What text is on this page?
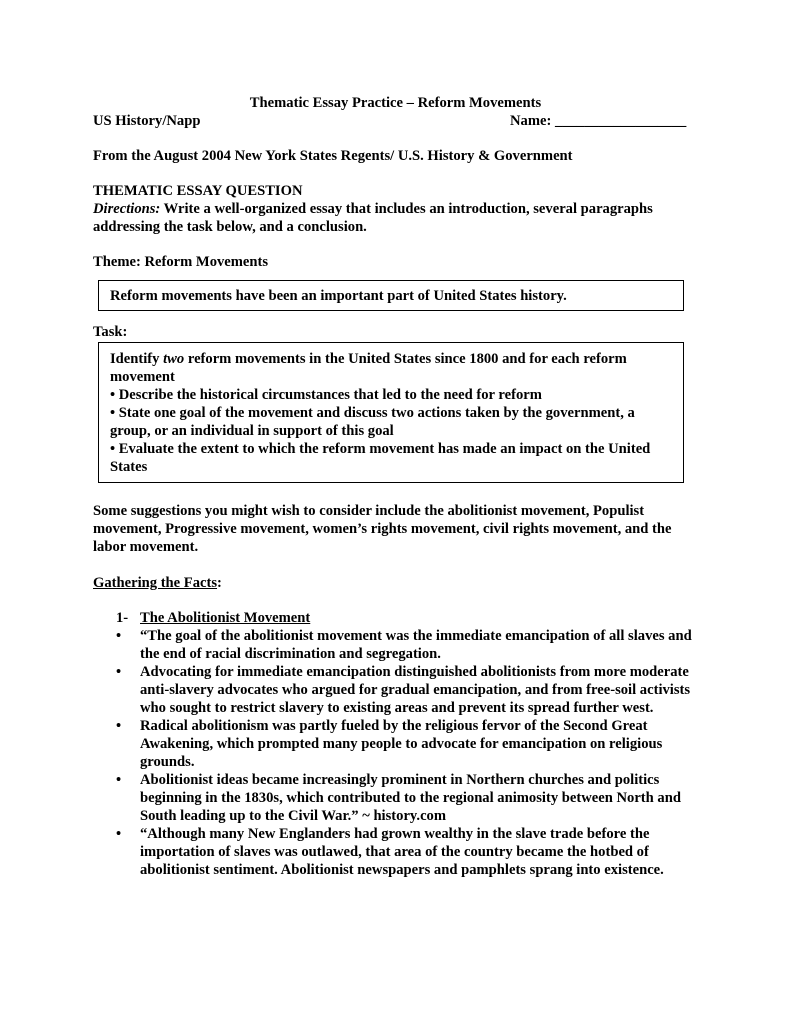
Thematic Essay Practice – Reform Movements
US History/Napp	Name: __________________
From the August 2004 New York States Regents/ U.S. History & Government
THEMATIC ESSAY QUESTION
Directions: Write a well-organized essay that includes an introduction, several paragraphs addressing the task below, and a conclusion.
Theme: Reform Movements
Reform movements have been an important part of United States history.
Task:
Identify two reform movements in the United States since 1800 and for each reform movement
• Describe the historical circumstances that led to the need for reform
• State one goal of the movement and discuss two actions taken by the government, a group, or an individual in support of this goal
• Evaluate the extent to which the reform movement has made an impact on the United States
Some suggestions you might wish to consider include the abolitionist movement, Populist movement, Progressive movement, women’s rights movement, civil rights movement, and the labor movement.
Gathering the Facts:
1- The Abolitionist Movement
• “The goal of the abolitionist movement was the immediate emancipation of all slaves and the end of racial discrimination and segregation.
• Advocating for immediate emancipation distinguished abolitionists from more moderate anti-slavery advocates who argued for gradual emancipation, and from free-soil activists who sought to restrict slavery to existing areas and prevent its spread further west.
• Radical abolitionism was partly fueled by the religious fervor of the Second Great Awakening, which prompted many people to advocate for emancipation on religious grounds.
• Abolitionist ideas became increasingly prominent in Northern churches and politics beginning in the 1830s, which contributed to the regional animosity between North and South leading up to the Civil War.” ~ history.com
• “Although many New Englanders had grown wealthy in the slave trade before the importation of slaves was outlawed, that area of the country became the hotbed of abolitionist sentiment. Abolitionist newspapers and pamphlets sprang into existence.
